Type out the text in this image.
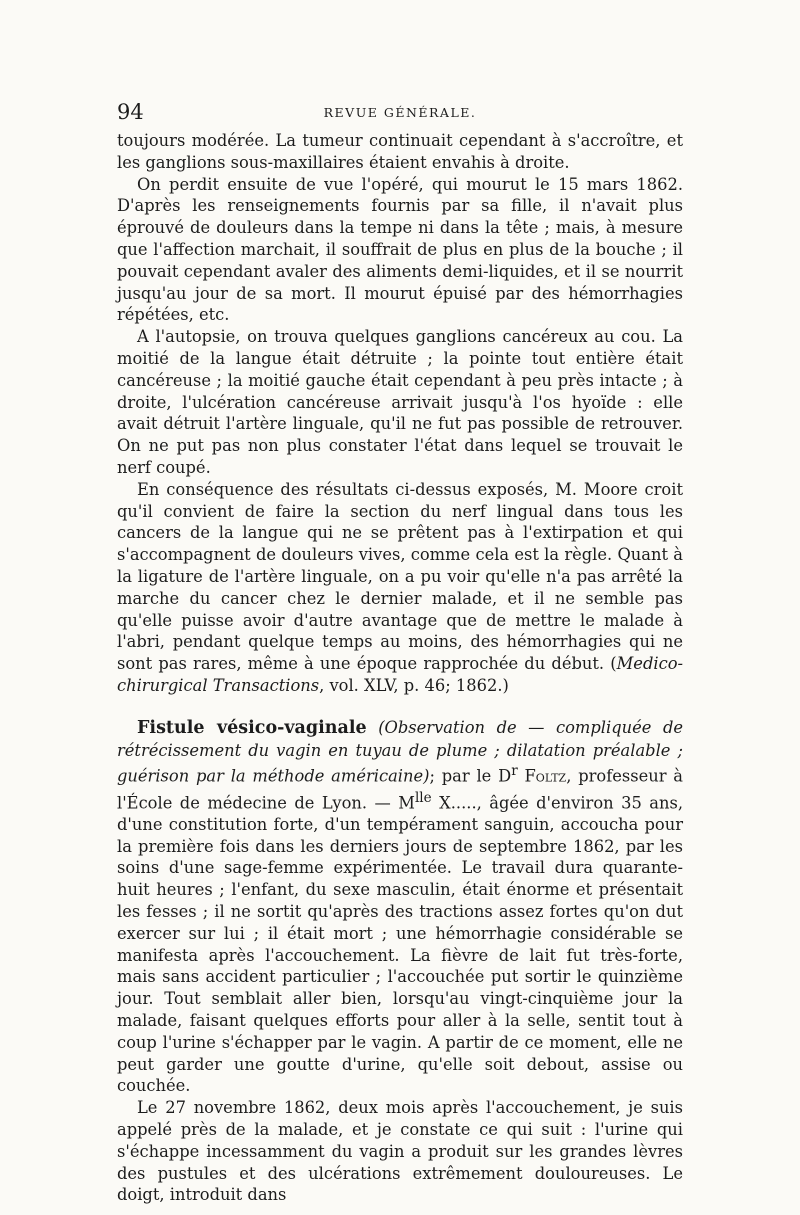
94	REVUE GÉNÉRALE.

toujours modérée. La tumeur continuait cependant à s'accroître, et les ganglions sous-maxillaires étaient envahis à droite.

On perdit ensuite de vue l'opéré, qui mourut le 15 mars 1862. D'après les renseignements fournis par sa fille, il n'avait plus éprouvé de douleurs dans la tempe ni dans la tête ; mais, à mesure que l'affection marchait, il souffrait de plus en plus de la bouche ; il pouvait cependant avaler des aliments demi-liquides, et il se nourrit jusqu'au jour de sa mort. Il mourut épuisé par des hémorrhagies répétées, etc.

A l'autopsie, on trouva quelques ganglions cancéreux au cou. La moitié de la langue était détruite ; la pointe tout entière était cancéreuse ; la moitié gauche était cependant à peu près intacte ; à droite, l'ulcération cancéreuse arrivait jusqu'à l'os hyoïde : elle avait détruit l'artère linguale, qu'il ne fut pas possible de retrouver. On ne put pas non plus constater l'état dans lequel se trouvait le nerf coupé.

En conséquence des résultats ci-dessus exposés, M. Moore croit qu'il convient de faire la section du nerf lingual dans tous les cancers de la langue qui ne se prêtent pas à l'extirpation et qui s'accompagnent de douleurs vives, comme cela est la règle. Quant à la ligature de l'artère linguale, on a pu voir qu'elle n'a pas arrêté la marche du cancer chez le dernier malade, et il ne semble pas qu'elle puisse avoir d'autre avantage que de mettre le malade à l'abri, pendant quelque temps au moins, des hémorrhagies qui ne sont pas rares, même à une époque rapprochée du début. (Medico-chirurgical Transactions, vol. XLV, p. 46; 1862.)

Fistule vésico-vaginale (Observation de — compliquée de rétrécissement du vagin en tuyau de plume ; dilatation préalable ; guérison par la méthode américaine); par le $D^r$ Foltz, professeur à l'École de médecine de Lyon. — $M^{lle}$ X....., âgée d'environ 35 ans, d'une constitution forte, d'un tempérament sanguin, accoucha pour la première fois dans les derniers jours de septembre 1862, par les soins d'une sage-femme expérimentée. Le travail dura quarante-huit heures ; l'enfant, du sexe masculin, était énorme et présentait les fesses ; il ne sortit qu'après des tractions assez fortes qu'on dut exercer sur lui ; il était mort ; une hémorrhagie considérable se manifesta après l'accouchement. La fièvre de lait fut très-forte, mais sans accident particulier ; l'accouchée put sortir le quinzième jour. Tout semblait aller bien, lorsqu'au vingt-cinquième jour la malade, faisant quelques efforts pour aller à la selle, sentit tout à coup l'urine s'échapper par le vagin. A partir de ce moment, elle ne peut garder une goutte d'urine, qu'elle soit debout, assise ou couchée.

Le 27 novembre 1862, deux mois après l'accouchement, je suis appelé près de la malade, et je constate ce qui suit : l'urine qui s'échappe incessamment du vagin a produit sur les grandes lèvres des pustules et des ulcérations extrêmement douloureuses. Le doigt, introduit dans
